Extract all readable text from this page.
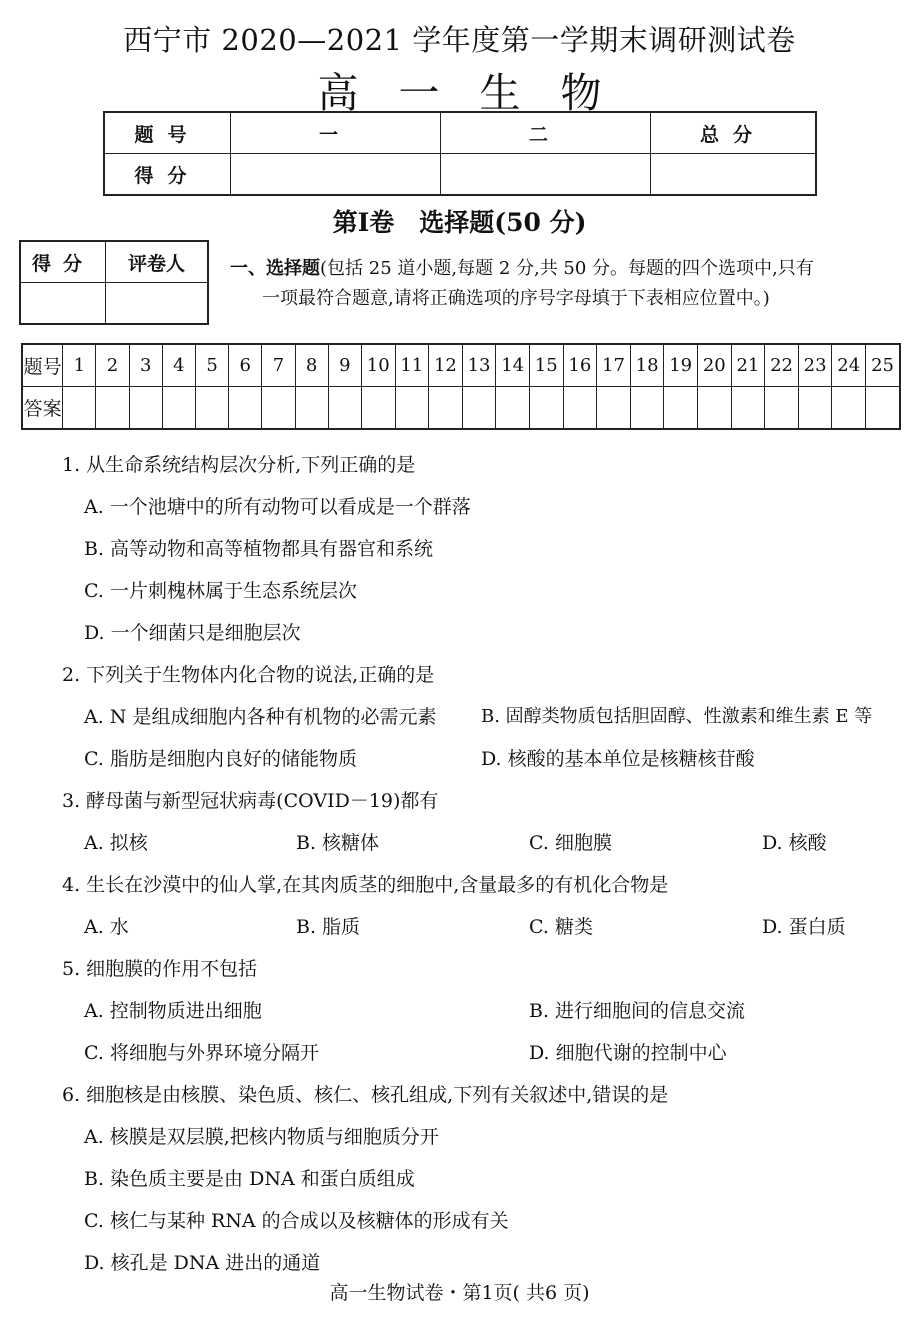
西宁市 2020—2021 学年度第一学期末调研测试卷
高一生物
题号	一	二	总分
得分			
第Ⅰ卷　选择题(50 分)
得分	评卷人
		一、选择题(包括 25 道小题,每题 2 分,共 50 分。每题的四个选项中,只有
一项最符合题意,请将正确选项的序号字母填于下表相应位置中。)
题号	1	2	3	4	5	6	7	8	9	10	11	12	13	14	15	16	17	18	19	20	21	22	23	24	25
答案																									
1. 从生命系统结构层次分析,下列正确的是
A. 一个池塘中的所有动物可以看成是一个群落
B. 高等动物和高等植物都具有器官和系统
C. 一片刺槐林属于生态系统层次
D. 一个细菌只是细胞层次
2. 下列关于生物体内化合物的说法,正确的是
A. N 是组成细胞内各种有机物的必需元素 B. 固醇类物质包括胆固醇、性激素和维生素 E 等
C. 脂肪是细胞内良好的储能物质	D. 核酸的基本单位是核糖核苷酸
3. 酵母菌与新型冠状病毒(COVID－19)都有
A. 拟核	B. 核糖体	C. 细胞膜	D. 核酸
4. 生长在沙漠中的仙人掌,在其肉质茎的细胞中,含量最多的有机化合物是
A. 水	B. 脂质	C. 糖类	D. 蛋白质
5. 细胞膜的作用不包括
A. 控制物质进出细胞	B. 进行细胞间的信息交流
C. 将细胞与外界环境分隔开	D. 细胞代谢的控制中心
6. 细胞核是由核膜、染色质、核仁、核孔组成,下列有关叙述中,错误的是
A. 核膜是双层膜,把核内物质与细胞质分开
B. 染色质主要是由 DNA 和蛋白质组成
C. 核仁与某种 RNA 的合成以及核糖体的形成有关
D. 核孔是 DNA 进出的通道
高一生物试卷・第1页( 共6 页)
